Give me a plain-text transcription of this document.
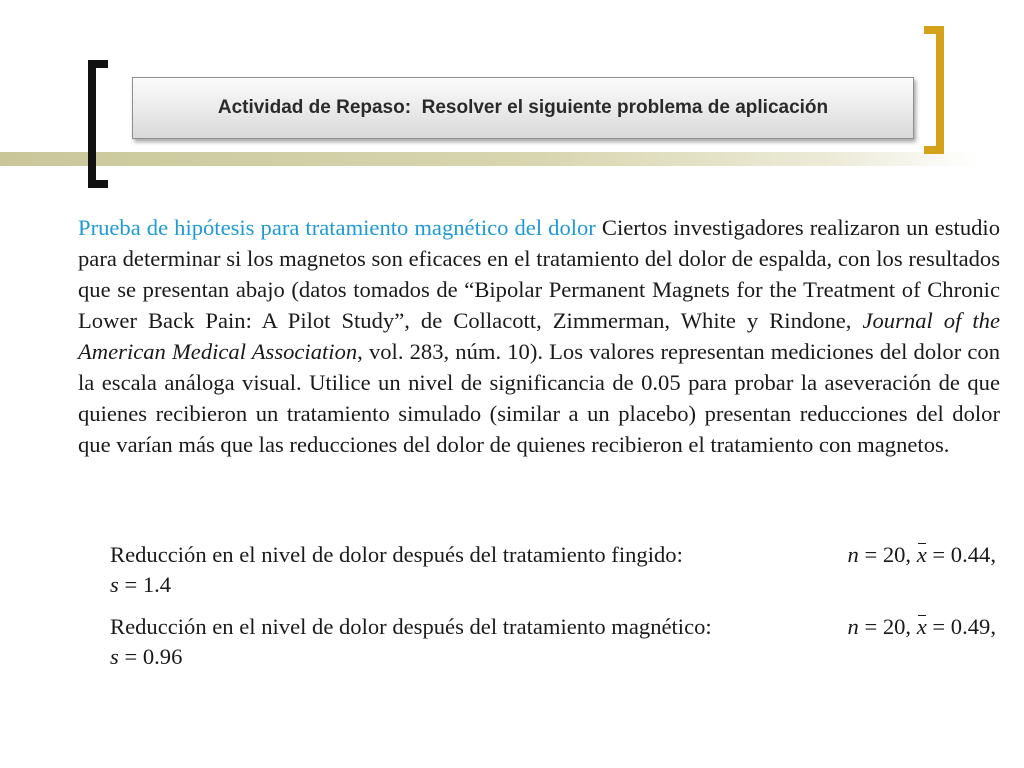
Actividad de Repaso:  Resolver el siguiente problema de aplicación
Prueba de hipótesis para tratamiento magnético del dolor Ciertos investigadores realizaron un estudio para determinar si los magnetos son eficaces en el tratamiento del dolor de espalda, con los resultados que se presentan abajo (datos tomados de “Bipolar Permanent Magnets for the Treatment of Chronic Lower Back Pain: A Pilot Study”, de Collacott, Zimmerman, White y Rindone, Journal of the American Medical Association, vol. 283, núm. 10). Los valores representan mediciones del dolor con la escala análoga visual. Utilice un nivel de significancia de 0.05 para probar la aseveración de que quienes recibieron un tratamiento simulado (similar a un placebo) presentan reducciones del dolor que varían más que las reducciones del dolor de quienes recibieron el tratamiento con magnetos.
Reducción en el nivel de dolor después del tratamiento fingido:	n = 20, x = 0.44,
s = 1.4
Reducción en el nivel de dolor después del tratamiento magnético:	n = 20, x = 0.49,
s = 0.96
